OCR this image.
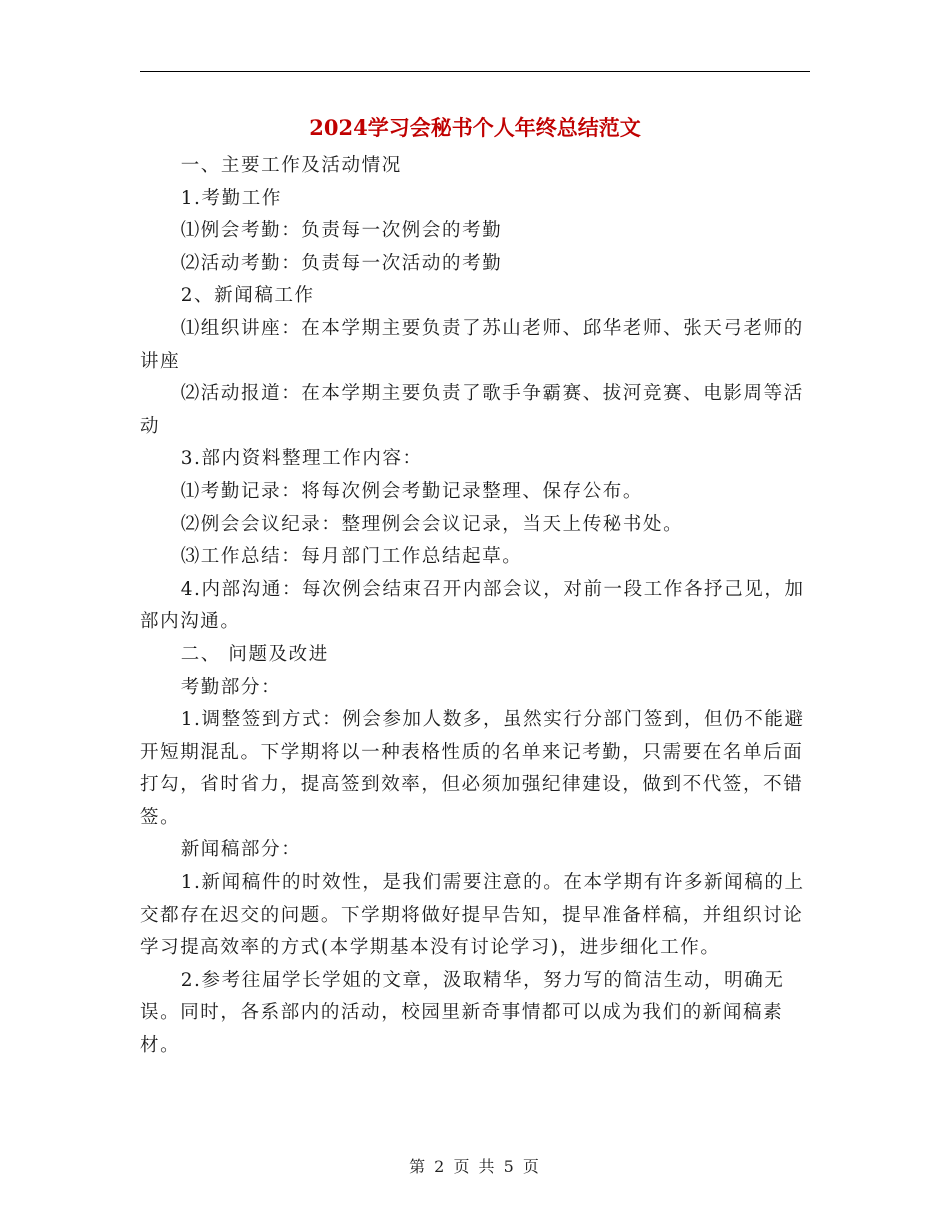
2024学习会秘书个人年终总结范文

一、主要工作及活动情况

1.考勤工作

⑴例会考勤：负责每一次例会的考勤

⑵活动考勤：负责每一次活动的考勤

2、新闻稿工作

⑴组织讲座：在本学期主要负责了苏山老师、邱华老师、张天弓老师的讲座

⑵活动报道：在本学期主要负责了歌手争霸赛、拔河竞赛、电影周等活动

3.部内资料整理工作内容：

⑴考勤记录：将每次例会考勤记录整理、保存公布。

⑵例会会议纪录：整理例会会议记录，当天上传秘书处。

⑶工作总结：每月部门工作总结起草。

4.内部沟通：每次例会结束召开内部会议，对前一段工作各抒己见，加部内沟通。

二、 问题及改进

考勤部分：

1.调整签到方式：例会参加人数多，虽然实行分部门签到，但仍不能避开短期混乱。下学期将以一种表格性质的名单来记考勤，只需要在名单后面打勾，省时省力，提高签到效率，但必须加强纪律建设，做到不代签，不错签。

新闻稿部分：

1.新闻稿件的时效性，是我们需要注意的。在本学期有许多新闻稿的上交都存在迟交的问题。下学期将做好提早告知，提早准备样稿，并组织讨论学习提高效率的方式(本学期基本没有讨论学习)，进步细化工作。

2.参考往届学长学姐的文章，汲取精华，努力写的简洁生动，明确无误。同时，各系部内的活动，校园里新奇事情都可以成为我们的新闻稿素材。

第 2 页 共 5 页
